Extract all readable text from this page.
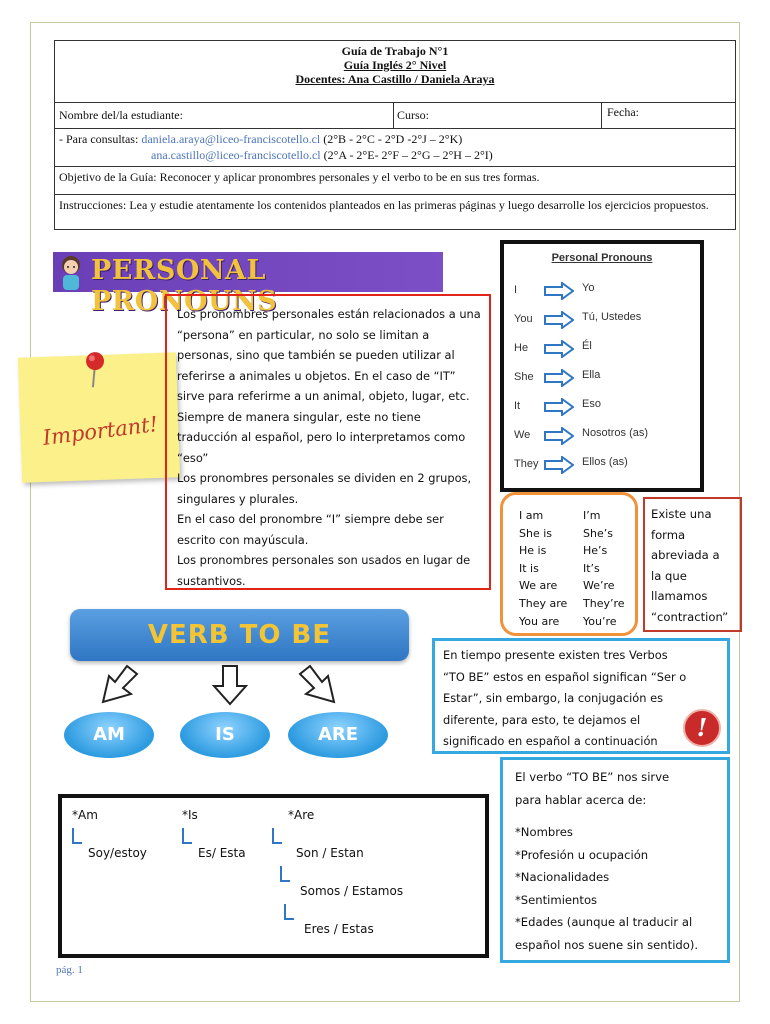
Guía de Trabajo N°1
Guía Inglés 2° Nivel
Docentes: Ana Castillo / Daniela Araya
Nombre del/la estudiante:	Curso:	Fecha:
- Para consultas: daniela.araya@liceo-franciscotello.cl (2°B - 2°C - 2°D -2°J – 2°K)
ana.castillo@liceo-franciscotello.cl (2°A - 2°E- 2°F – 2°G – 2°H – 2°I)
Objetivo de la Guía: Reconocer y aplicar pronombres personales y el verbo to be en sus tres formas.
Instrucciones: Lea y estudie atentamente los contenidos planteados en las primeras páginas y luego desarrolle los ejercicios propuestos.
PERSONAL PRONOUNS
Important!
Los pronombres personales están relacionados a una
“persona” en particular, no solo se limitan a
personas, sino que también se pueden utilizar al
referirse a animales u objetos. En el caso de “IT”
sirve para referirme a un animal, objeto, lugar, etc.
Siempre de manera singular, este no tiene
traducción al español, pero lo interpretamos como
“eso”
Los pronombres personales se dividen en 2 grupos,
singulares y plurales.
En el caso del pronombre “I” siempre debe ser
escrito con mayúscula.
Los pronombres personales son usados en lugar de
sustantivos.
Personal Pronouns
I	Yo
You	Tú, Ustedes
He	Él
She	Ella
It	Eso
We	Nosotros (as)
They	Ellos (as)
I am	I’m
She is	She’s
He is	He’s
It is	It’s
We are We’re
They are They’re
You are You’re
Existe una
forma
abreviada a
la que
llamamos
“contraction”
VERB TO BE
AM	IS	ARE
En tiempo presente existen tres Verbos
“TO BE” estos en español significan “Ser o
Estar”, sin embargo, la conjugación es
diferente, para esto, te dejamos el
significado en español a continuación	!
El verbo “TO BE” nos sirve
para hablar acerca de:
*Nombres
*Profesión u ocupación
*Nacionalidades
*Sentimientos
*Edades (aunque al traducir al
español nos suene sin sentido).
*Am
Soy/estoy
*Is
Es/ Esta
*Are
Son / Estan
Somos / Estamos
Eres / Estas
pág. 1
